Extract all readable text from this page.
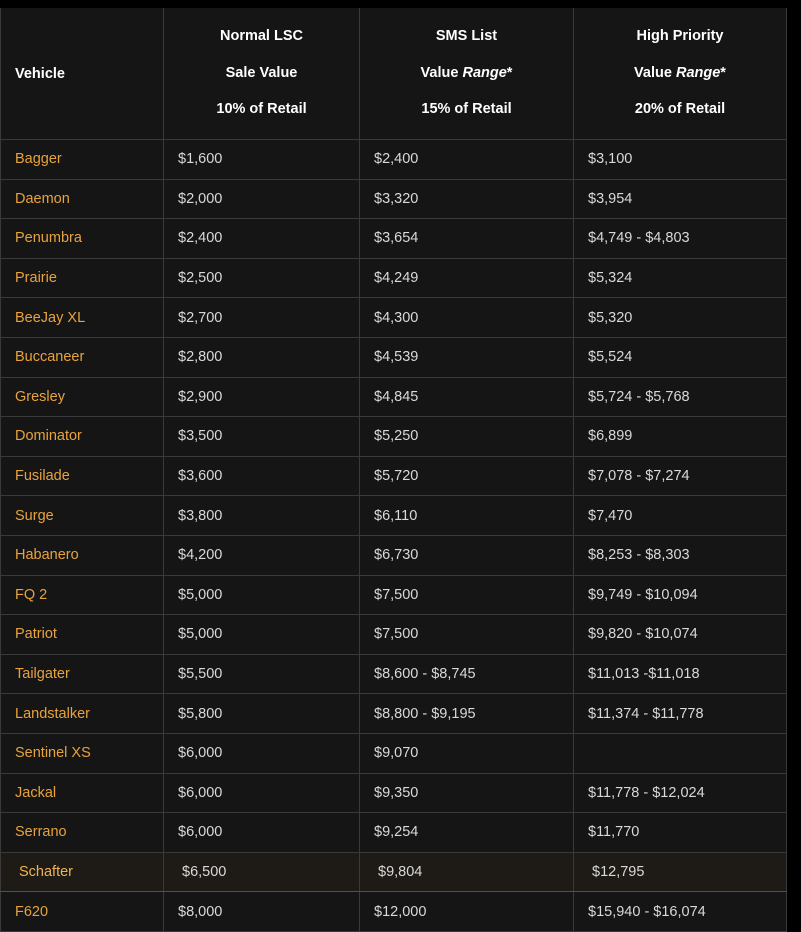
Vehicle	
Normal LSC
Sale Value
10% of Retail

SMS List
Value Range*
15% of Retail

High Priority
Value Range*
20% of Retail

Bagger	$1,600	$2,400	$3,100
Daemon	$2,000	$3,320	$3,954
Penumbra	$2,400	$3,654	$4,749 - $4,803
Prairie	$2,500	$4,249	$5,324
BeeJay XL	$2,700	$4,300	$5,320
Buccaneer	$2,800	$4,539	$5,524
Gresley	$2,900	$4,845	$5,724 - $5,768
Dominator	$3,500	$5,250	$6,899
Fusilade	$3,600	$5,720	$7,078 - $7,274
Surge	$3,800	$6,110	$7,470
Habanero	$4,200	$6,730	$8,253 - $8,303
FQ 2	$5,000	$7,500	$9,749 - $10,094
Patriot	$5,000	$7,500	$9,820 - $10,074
Tailgater	$5,500	$8,600 - $8,745	$11,013 -$11,018
Landstalker	$5,800	$8,800 - $9,195	$11,374 - $11,778
Sentinel XS	$6,000	$9,070	
Jackal	$6,000	$9,350	$11,778 - $12,024
Serrano	$6,000	$9,254	$11,770
Schafter	$6,500	$9,804	$12,795
F620	$8,000	$12,000	$15,940 - $16,074
